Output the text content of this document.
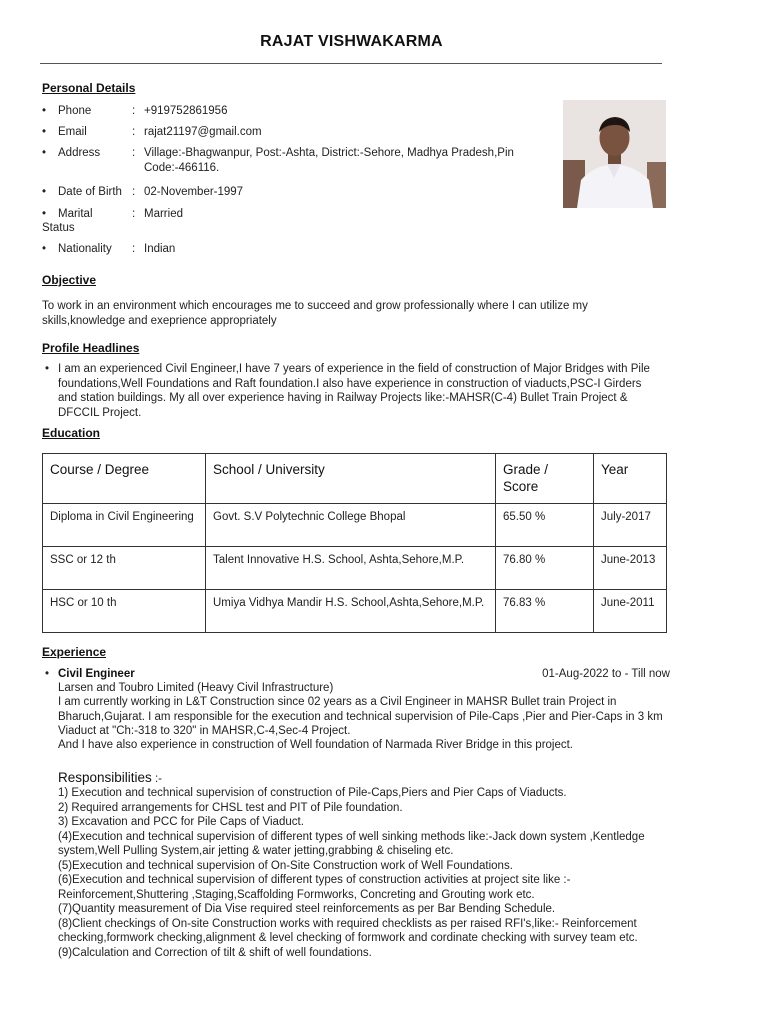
RAJAT VISHWAKARMA
Personal Details
• Phone	: +919752861956
• Email	: rajat21197@gmail.com
• Address	: Village:-Bhagwanpur, Post:-Ashta, District:-Sehore, Madhya Pradesh,Pin Code:-466116.
• Date of Birth : 02-November-1997
• Marital	: Married
Status
• Nationality : Indian
Objective
To work in an environment which encourages me to succeed and grow professionally where I can utilize my skills,knowledge and exeprience appropriately
Profile Headlines
• I am an experienced Civil Engineer,I have 7 years of experience in the field of construction of Major Bridges with Pile foundations,Well Foundations and Raft foundation.I also have experience in construction of viaducts,PSC-I Girders and station buildings. My all over experience having in Railway Projects like:-MAHSR(C-4) Bullet Train Project & DFCCIL Project.
Education
Course / Degree	School / University	Grade / Score	Year
Diploma in Civil Engineering	Govt. S.V Polytechnic College Bhopal	65.50 %	July-2017
SSC or 12 th	Talent Innovative H.S. School, Ashta,Sehore,M.P.	76.80 %	June-2013
HSC or 10 th	Umiya Vidhya Mandir H.S. School,Ashta,Sehore,M.P.	76.83 %	June-2011
Experience
• Civil Engineer	01-Aug-2022 to - Till now
Larsen and Toubro Limited (Heavy Civil Infrastructure)
I am currently working in L&T Construction since 02 years as a Civil Engineer in MAHSR Bullet train Project in Bharuch,Gujarat. I am responsible for the execution and technical supervision of Pile-Caps ,Pier and Pier-Caps in 3 km Viaduct at "Ch:-318 to 320" in MAHSR,C-4,Sec-4 Project.
And I have also experience in construction of Well foundation of Narmada River Bridge in this project.
Responsibilities :-
1) Execution and technical supervision of construction of Pile-Caps,Piers and Pier Caps of Viaducts.
2) Required arrangements for CHSL test and PIT of Pile foundation.
3) Excavation and PCC for Pile Caps of Viaduct.
(4)Execution and technical supervision of different types of well sinking methods like:-Jack down system ,Kentledge system,Well Pulling System,air jetting & water jetting,grabbing & chiseling etc.
(5)Execution and technical supervision of On-Site Construction work of Well Foundations.
(6)Execution and technical supervision of different types of construction activities at project site like :- Reinforcement,Shuttering ,Staging,Scaffolding Formworks, Concreting and Grouting work etc.
(7)Quantity measurement of Dia Vise required steel reinforcements as per Bar Bending Schedule.
(8)Client checkings of On-site Construction works with required checklists as per raised RFI's,like:- Reinforcement checking,formwork checking,alignment & level checking of formwork and cordinate checking with survey team etc.
(9)Calculation and Correction of tilt & shift of well foundations.
